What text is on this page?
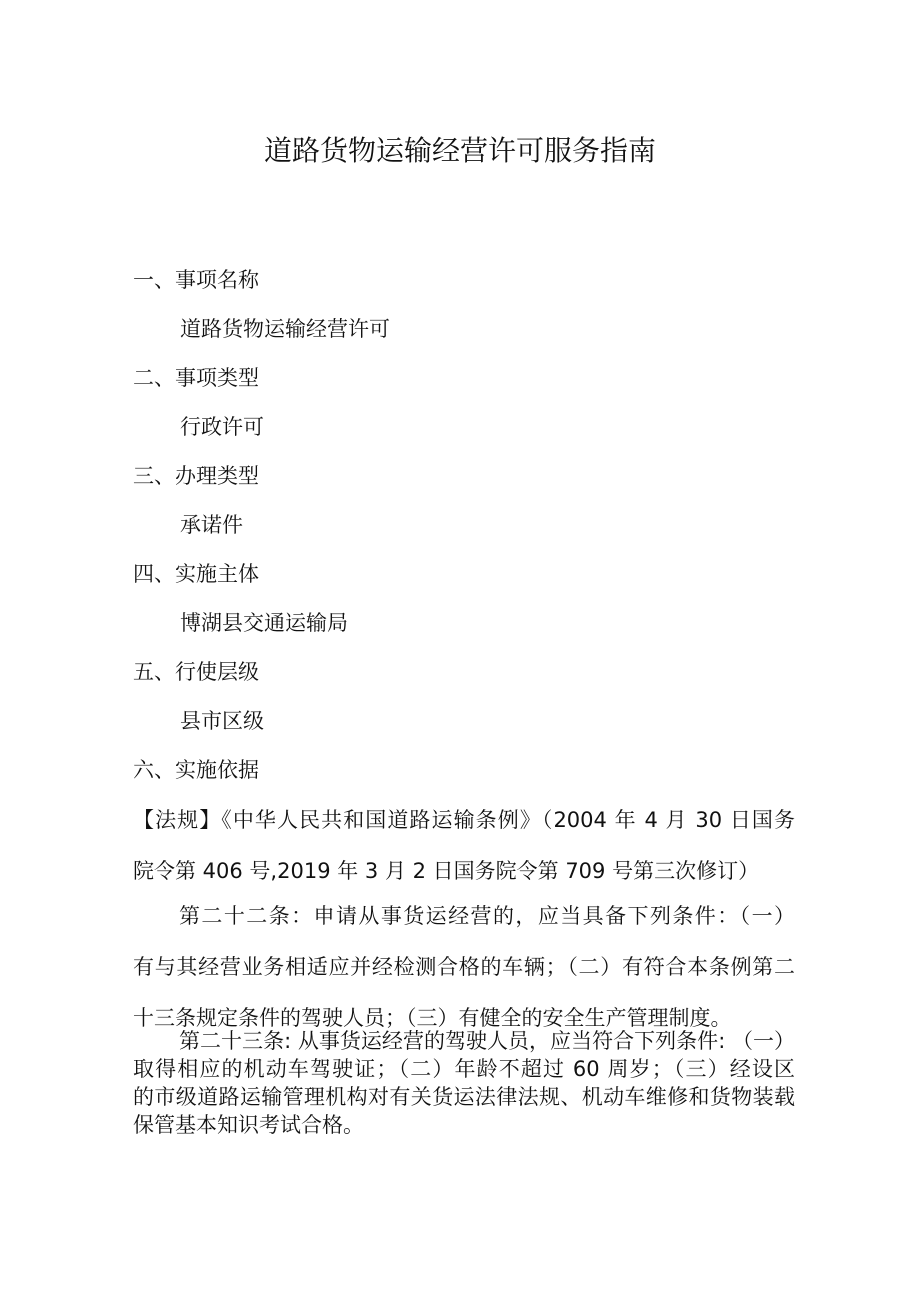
道路货物运输经营许可服务指南
一、事项名称
道路货物运输经营许可
二、事项类型
行政许可
三、办理类型
承诺件
四、实施主体
博湖县交通运输局
五、行使层级
县市区级
六、实施依据
【法规】《中华人民共和国道路运输条例》（2004 年 4 月 30 日国务
院令第 406 号,2019 年 3 月 2 日国务院令第 709 号第三次修订）
第二十二条：申请从事货运经营的，应当具备下列条件：（一）
有与其经营业务相适应并经检测合格的车辆；（二）有符合本条例第二
十三条规定条件的驾驶人员；（三）有健全的安全生产管理制度。
第二十三条: 从事货运经营的驾驶人员，应当符合下列条件: （一）
取得相应的机动车驾驶证；（二）年龄不超过 60 周岁；（三）经设区
的市级道路运输管理机构对有关货运法律法规、机动车维修和货物装载
保管基本知识考试合格。
